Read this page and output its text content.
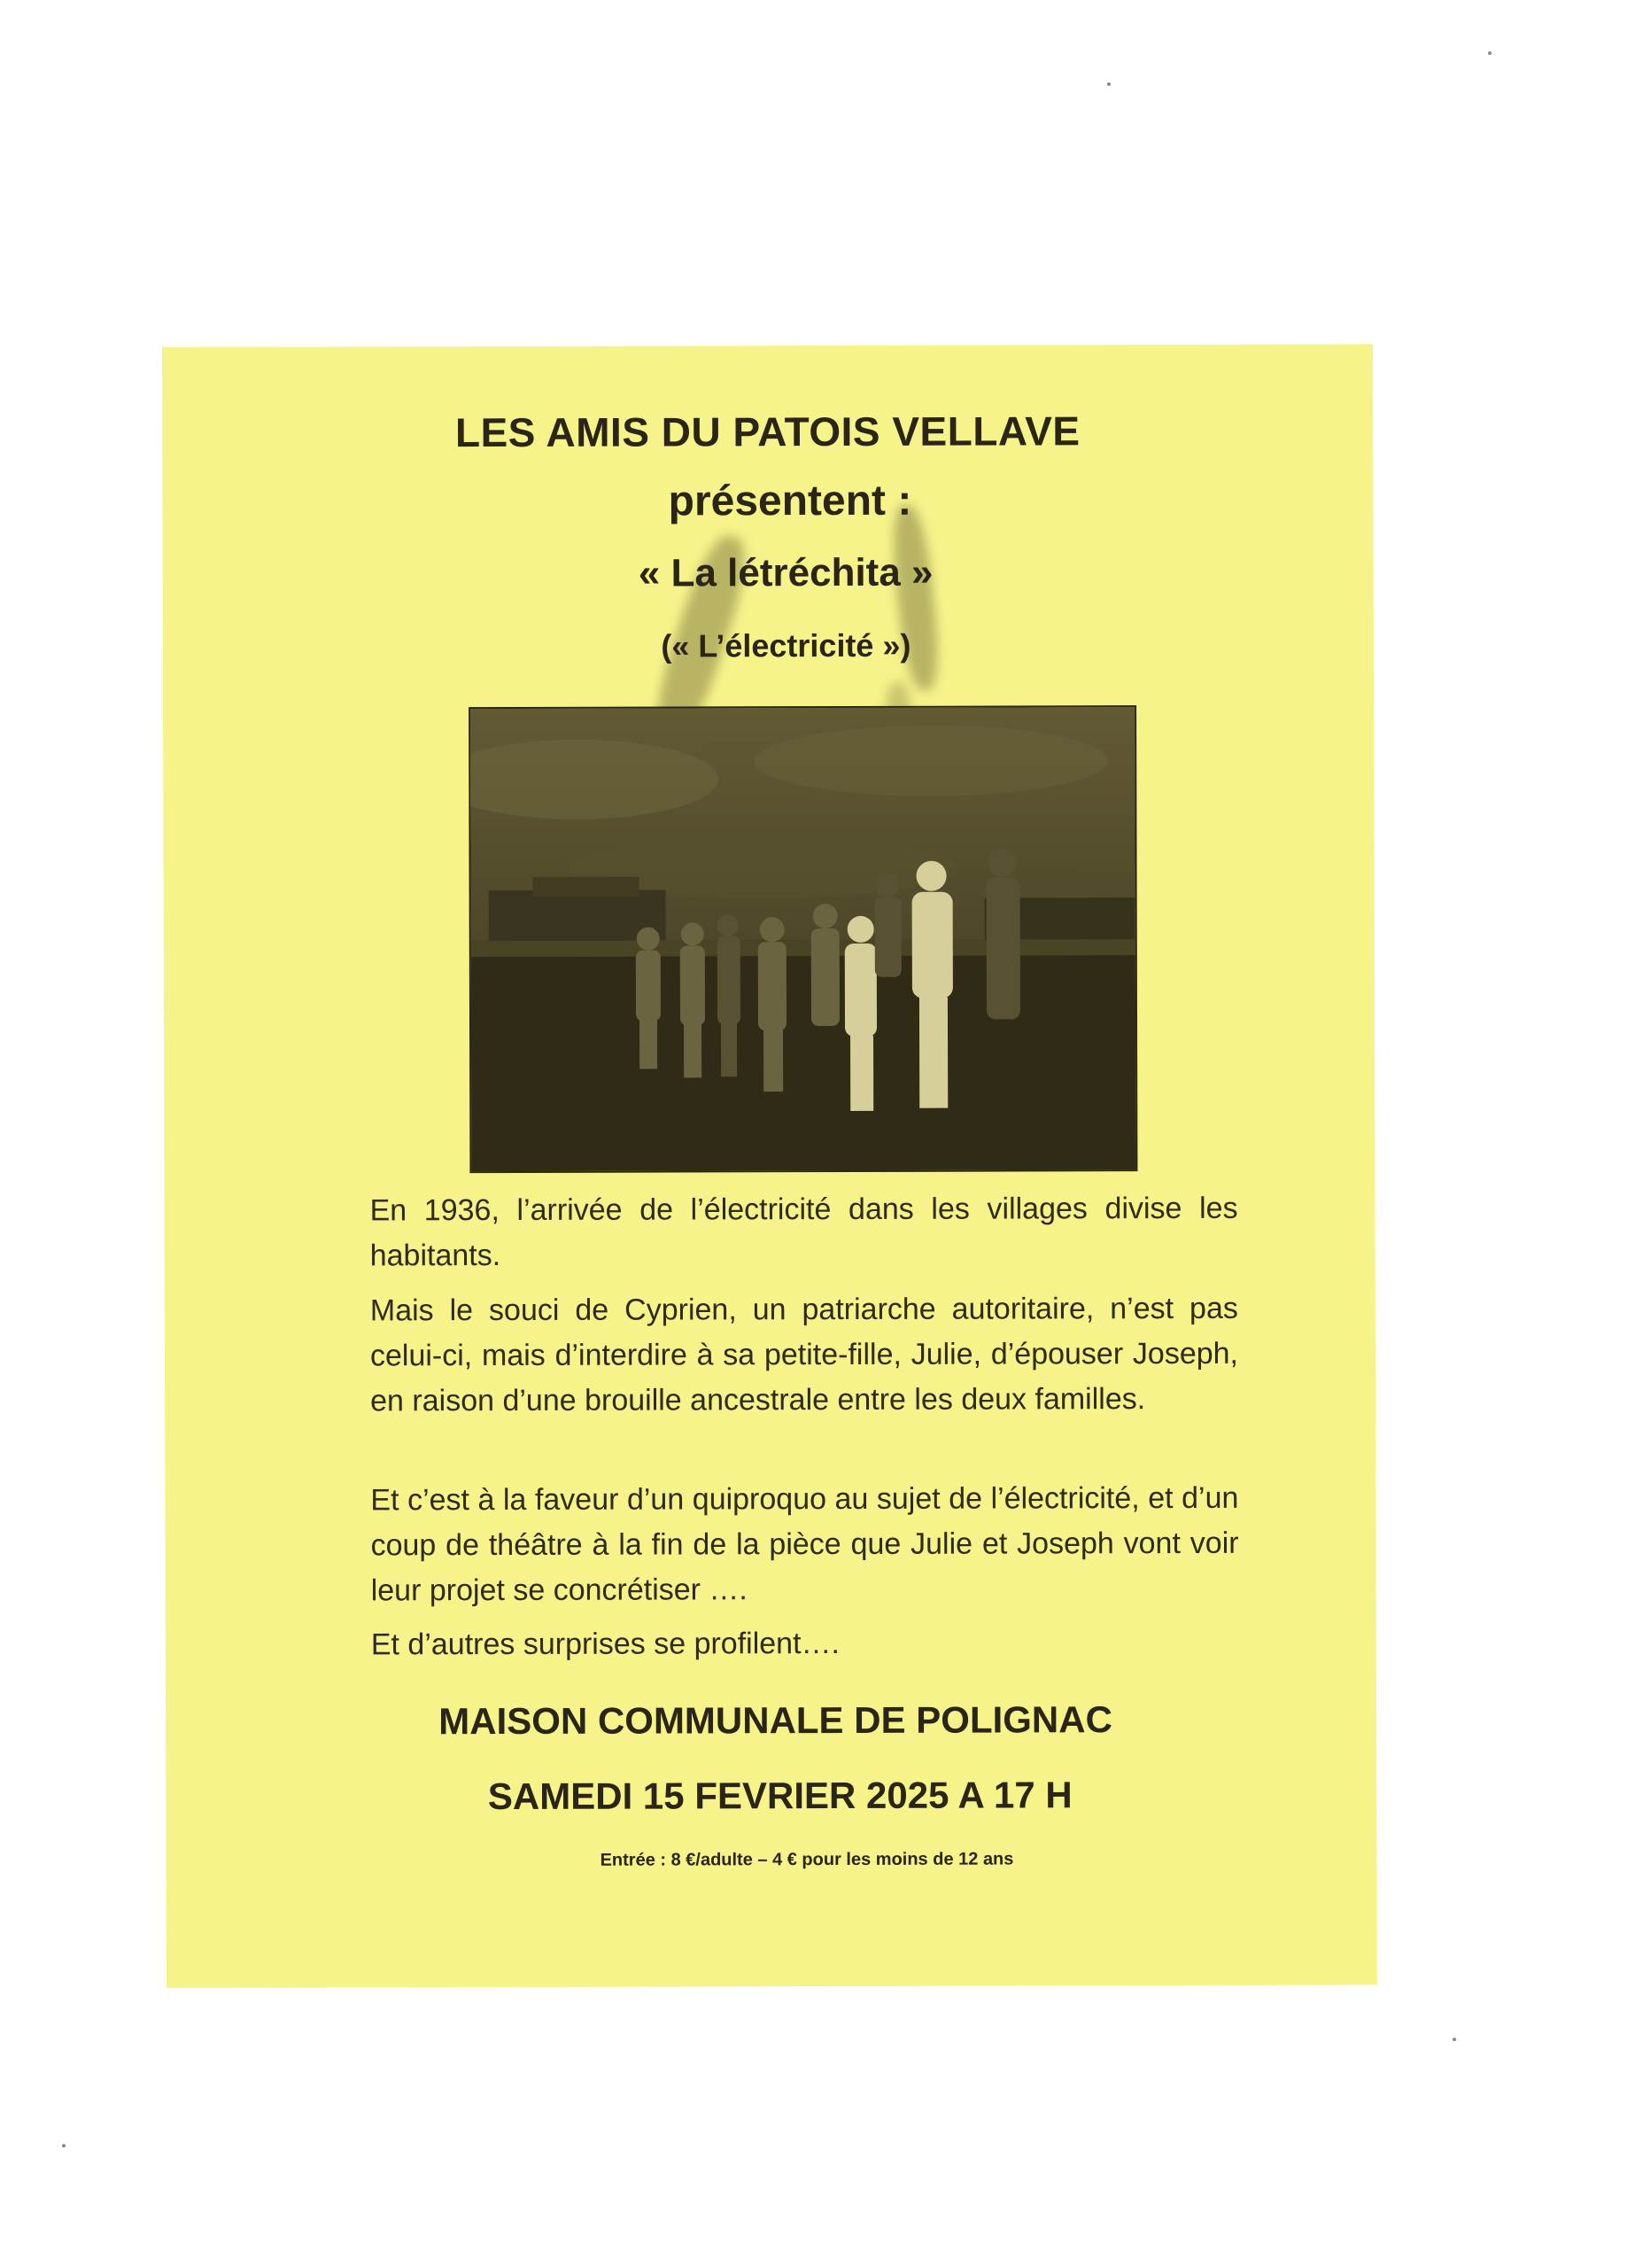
LES AMIS DU PATOIS VELLAVE
présentent :
« La létréchita »
(« L’électricité »)
En 1936, l’arrivée de l’électricité dans les villages divise les habitants.
Mais le souci de Cyprien, un patriarche autoritaire, n’est pas celui-ci, mais d’interdire à sa petite-fille, Julie, d’épouser Joseph, en raison d’une brouille ancestrale entre les deux familles.
Et c’est à la faveur d’un quiproquo au sujet de l’électricité, et d’un coup de théâtre à la fin de la pièce que Julie et Joseph vont voir leur projet se concrétiser ….
Et d’autres surprises se profilent….
MAISON COMMUNALE DE POLIGNAC
SAMEDI 15 FEVRIER 2025 A 17 H
Entrée : 8 €/adulte – 4 € pour les moins de 12 ans
